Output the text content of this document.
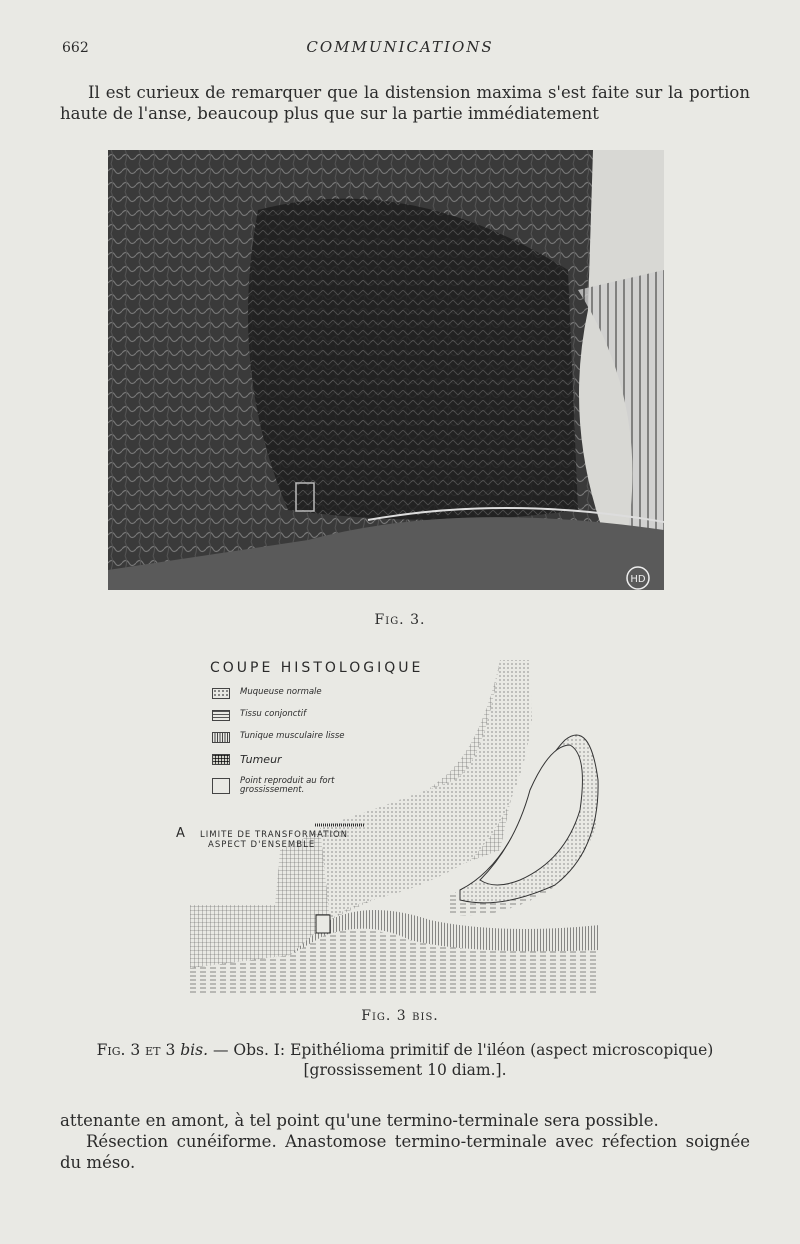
662	COMMUNICATIONS
Il est curieux de remarquer que la distension maxima s'est faite sur la portion haute de l'anse, beaucoup plus que sur la partie immédiatement
HD
Fig. 3.
COUPE HISTOLOGIQUE
Muqueuse normale
Tissu conjonctif
Tunique musculaire lisse
Tumeur
Point reproduit au fort grossissement.
A LIMITE DE TRANSFORMATION
ASPECT D'ENSEMBLE
Fig. 3 bis.
Fig. 3 et 3 bis. — Obs. I: Epithélioma primitif de l'iléon (aspect microscopique)
[grossissement 10 diam.].
attenante en amont, à tel point qu'une termino-terminale sera possible.
Résection cunéiforme. Anastomose termino-terminale avec réfection soignée du méso.
